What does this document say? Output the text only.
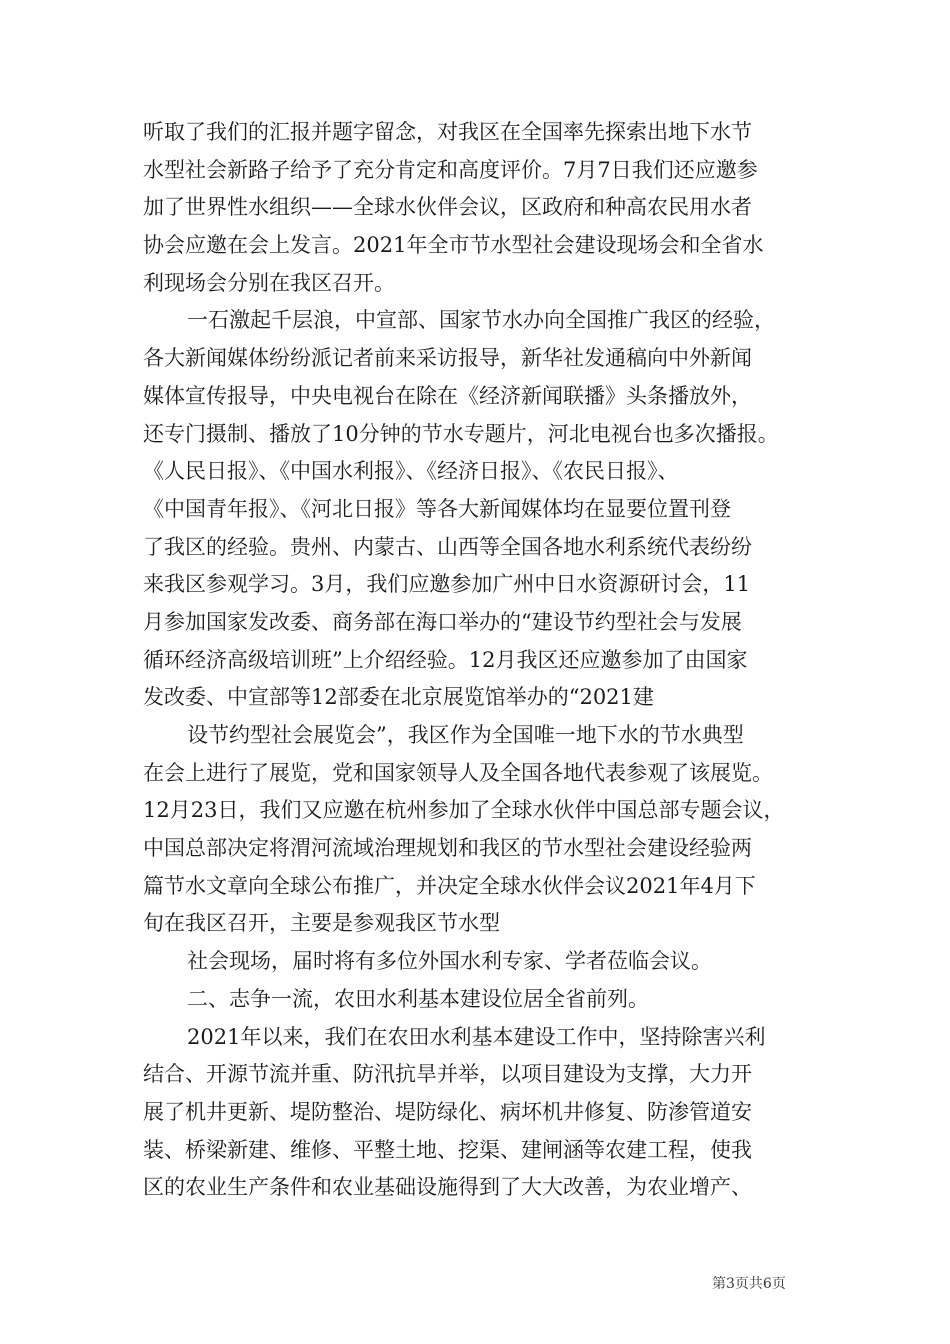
听取了我们的汇报并题字留念，对我区在全国率先探索出地下水节
水型社会新路子给予了充分肯定和高度评价。7月7日我们还应邀参
加了世界性水组织——全球水伙伴会议，区政府和种高农民用水者
协会应邀在会上发言。2021年全市节水型社会建设现场会和全省水
利现场会分别在我区召开。
一石激起千层浪，中宣部、国家节水办向全国推广我区的经验，
各大新闻媒体纷纷派记者前来采访报导，新华社发通稿向中外新闻
媒体宣传报导，中央电视台在除在《经济新闻联播》头条播放外，
还专门摄制、播放了10分钟的节水专题片，河北电视台也多次播报。
《人民日报》、《中国水利报》、《经济日报》、《农民日报》、
《中国青年报》、《河北日报》等各大新闻媒体均在显要位置刊登
了我区的经验。贵州、内蒙古、山西等全国各地水利系统代表纷纷
来我区参观学习。3月，我们应邀参加广州中日水资源研讨会，11
月参加国家发改委、商务部在海口举办的“建设节约型社会与发展
循环经济高级培训班”上介绍经验。12月我区还应邀参加了由国家
发改委、中宣部等12部委在北京展览馆举办的“2021建
设节约型社会展览会”，我区作为全国唯一地下水的节水典型
在会上进行了展览，党和国家领导人及全国各地代表参观了该展览。
12月23日，我们又应邀在杭州参加了全球水伙伴中国总部专题会议，
中国总部决定将渭河流域治理规划和我区的节水型社会建设经验两
篇节水文章向全球公布推广，并决定全球水伙伴会议2021年4月下
旬在我区召开，主要是参观我区节水型
社会现场，届时将有多位外国水利专家、学者莅临会议。
二、志争一流，农田水利基本建设位居全省前列。
2021年以来，我们在农田水利基本建设工作中，坚持除害兴利
结合、开源节流并重、防汛抗旱并举，以项目建设为支撑，大力开
展了机井更新、堤防整治、堤防绿化、病坏机井修复、防渗管道安
装、桥梁新建、维修、平整土地、挖渠、建闸涵等农建工程，使我
区的农业生产条件和农业基础设施得到了大大改善，为农业增产、
第3页共6页
